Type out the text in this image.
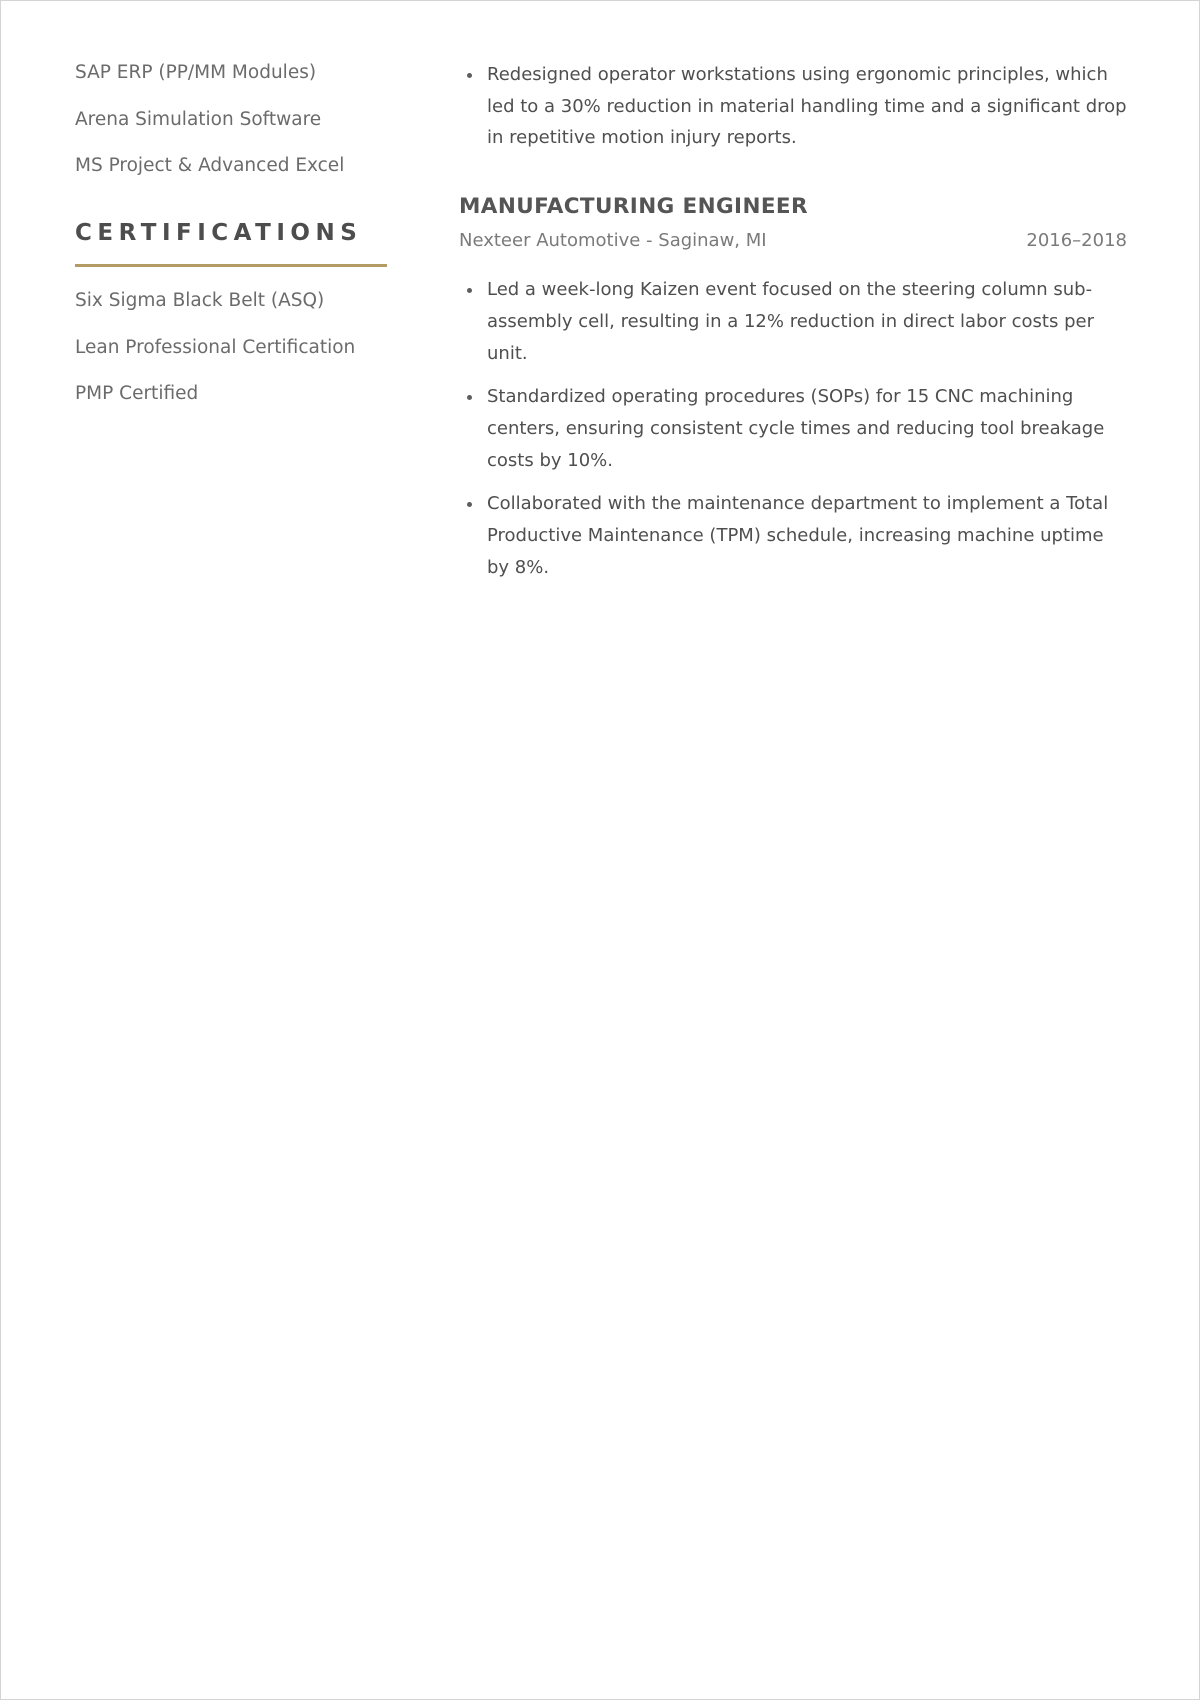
SAP ERP (PP/MM Modules)
Arena Simulation Software
MS Project & Advanced Excel
CERTIFICATIONS
Six Sigma Black Belt (ASQ)
Lean Professional Certification
PMP Certified
Redesigned operator workstations using ergonomic principles, which led to a 30% reduction in material handling time and a significant drop in repetitive motion injury reports.
MANUFACTURING ENGINEER
Nexteer Automotive - Saginaw, MI	2016–2018
Led a week-long Kaizen event focused on the steering column sub-assembly cell, resulting in a 12% reduction in direct labor costs per unit.
Standardized operating procedures (SOPs) for 15 CNC machining centers, ensuring consistent cycle times and reducing tool breakage costs by 10%.
Collaborated with the maintenance department to implement a Total Productive Maintenance (TPM) schedule, increasing machine uptime by 8%.
